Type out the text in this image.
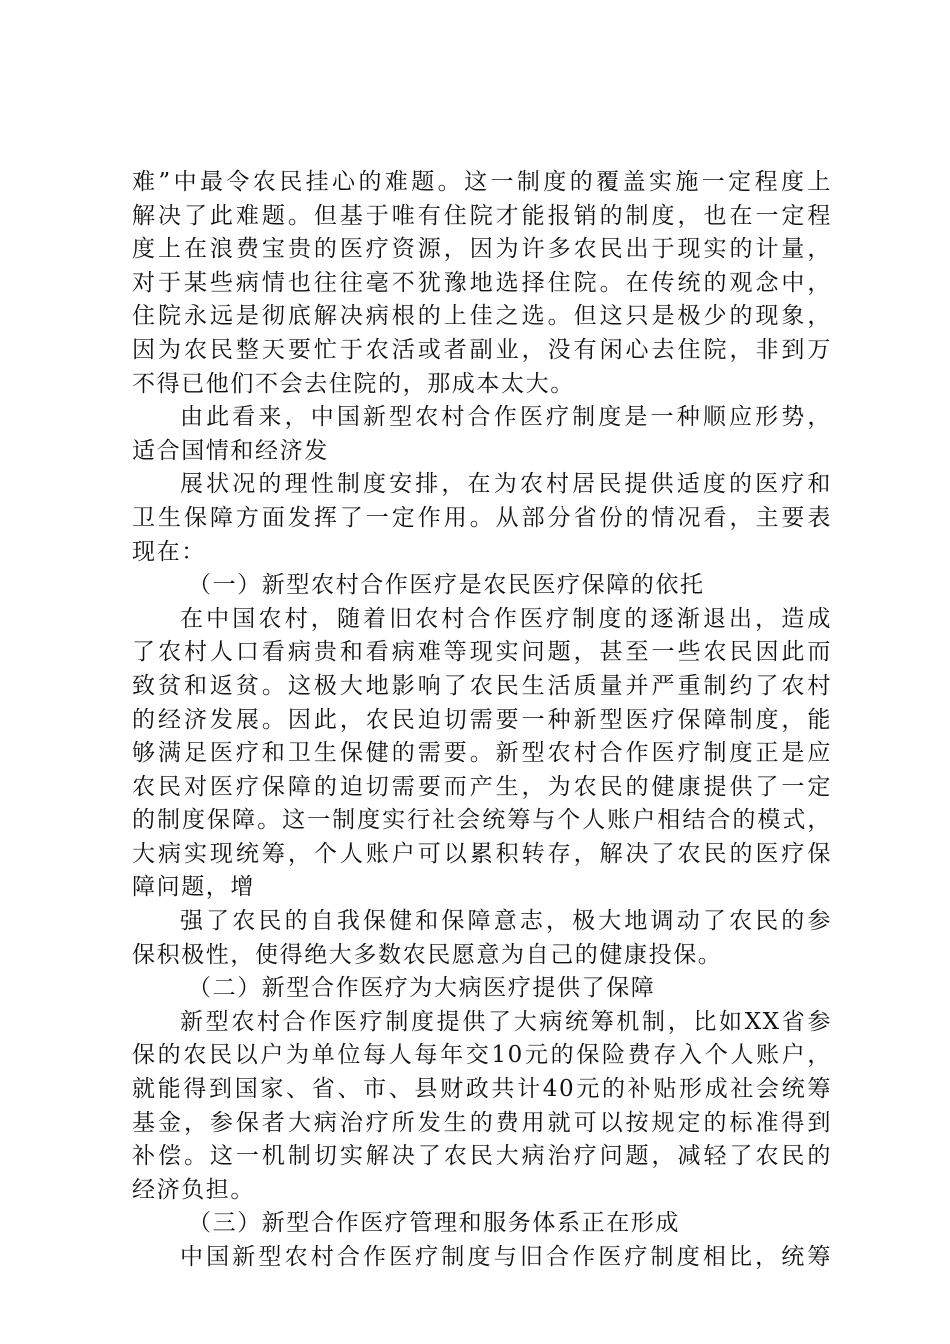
难”中最令农民挂心的难题。这一制度的覆盖实施一定程度上
解决了此难题。但基于唯有住院才能报销的制度，也在一定程
度上在浪费宝贵的医疗资源，因为许多农民出于现实的计量，
对于某些病情也往往毫不犹豫地选择住院。在传统的观念中，
住院永远是彻底解决病根的上佳之选。但这只是极少的现象，
因为农民整天要忙于农活或者副业，没有闲心去住院，非到万
不得已他们不会去住院的，那成本太大。
由此看来，中国新型农村合作医疗制度是一种顺应形势，
适合国情和经济发
展状况的理性制度安排，在为农村居民提供适度的医疗和
卫生保障方面发挥了一定作用。从部分省份的情况看，主要表
现在：
（一）新型农村合作医疗是农民医疗保障的依托
在中国农村，随着旧农村合作医疗制度的逐渐退出，造成
了农村人口看病贵和看病难等现实问题，甚至一些农民因此而
致贫和返贫。这极大地影响了农民生活质量并严重制约了农村
的经济发展。因此，农民迫切需要一种新型医疗保障制度，能
够满足医疗和卫生保健的需要。新型农村合作医疗制度正是应
农民对医疗保障的迫切需要而产生，为农民的健康提供了一定
的制度保障。这一制度实行社会统筹与个人账户相结合的模式，
大病实现统筹，个人账户可以累积转存，解决了农民的医疗保
障问题，增
强了农民的自我保健和保障意志，极大地调动了农民的参
保积极性，使得绝大多数农民愿意为自己的健康投保。
（二）新型合作医疗为大病医疗提供了保障
新型农村合作医疗制度提供了大病统筹机制，比如XX省参
保的农民以户为单位每人每年交10元的保险费存入个人账户，
就能得到国家、省、市、县财政共计40元的补贴形成社会统筹
基金，参保者大病治疗所发生的费用就可以按规定的标准得到
补偿。这一机制切实解决了农民大病治疗问题，减轻了农民的
经济负担。
（三）新型合作医疗管理和服务体系正在形成
中国新型农村合作医疗制度与旧合作医疗制度相比，统筹
